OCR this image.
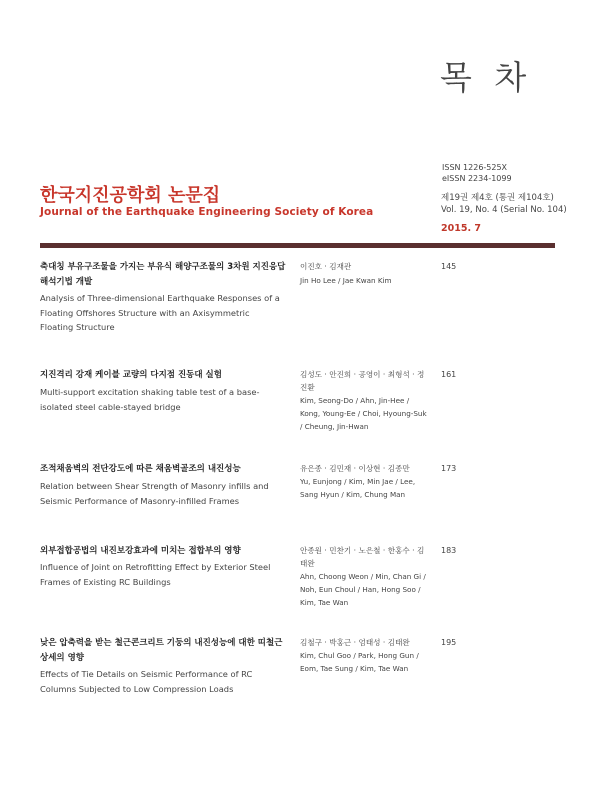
목 차
ISSN 1226-525X
eISSN 2234-1099
제19권 제4호 (통권 제104호)
Vol. 19, No. 4 (Serial No. 104)
2015. 7
한국지진공학회 논문집
Journal of the Earthquake Engineering Society of Korea
축대칭 부유구조물을 가지는 부유식 해양구조물의 3차원 지진응답 해석기법 개발
Analysis of Three-dimensional Earthquake Responses of a Floating Offshores Structure with an Axisymmetric Floating Structure
이진호 · 김재관
Jin Ho Lee / Jae Kwan Kim
145
지진격리 강재 케이블 교량의 다지점 진동대 실험
Multi-support excitation shaking table test of a base-isolated steel cable-stayed bridge
김성도 · 안진희 · 공영이 · 최형석 · 정진환
Kim, Seong-Do / Ahn, Jin-Hee / Kong, Young-Ee / Choi, Hyoung-Suk / Cheung, Jin-Hwan
161
조적채움벽의 전단강도에 따른 채움벽골조의 내진성능
Relation between Shear Strength of Masonry infills and Seismic Performance of Masonry-infilled Frames
유은종 · 김민재 · 이상현 · 김종만
Yu, Eunjong / Kim, Min Jae / Lee, Sang Hyun / Kim, Chung Man
173
외부접합공법의 내진보강효과에 미치는 접합부의 영향
Influence of Joint on Retrofitting Effect by Exterior Steel Frames of Existing RC Buildings
안종원 · 민찬기 · 노은철 · 한홍수 · 김태완
Ahn, Choong Weon / Min, Chan Gi / Noh, Eun Choul / Han, Hong Soo / Kim, Tae Wan
183
낮은 압축력을 받는 철근콘크리트 기둥의 내진성능에 대한 띠철근 상세의 영향
Effects of Tie Details on Seismic Performance of RC Columns Subjected to Low Compression Loads
김철구 · 박홍근 · 엄태성 · 김태완
Kim, Chul Goo / Park, Hong Gun / Eom, Tae Sung / Kim, Tae Wan
195
